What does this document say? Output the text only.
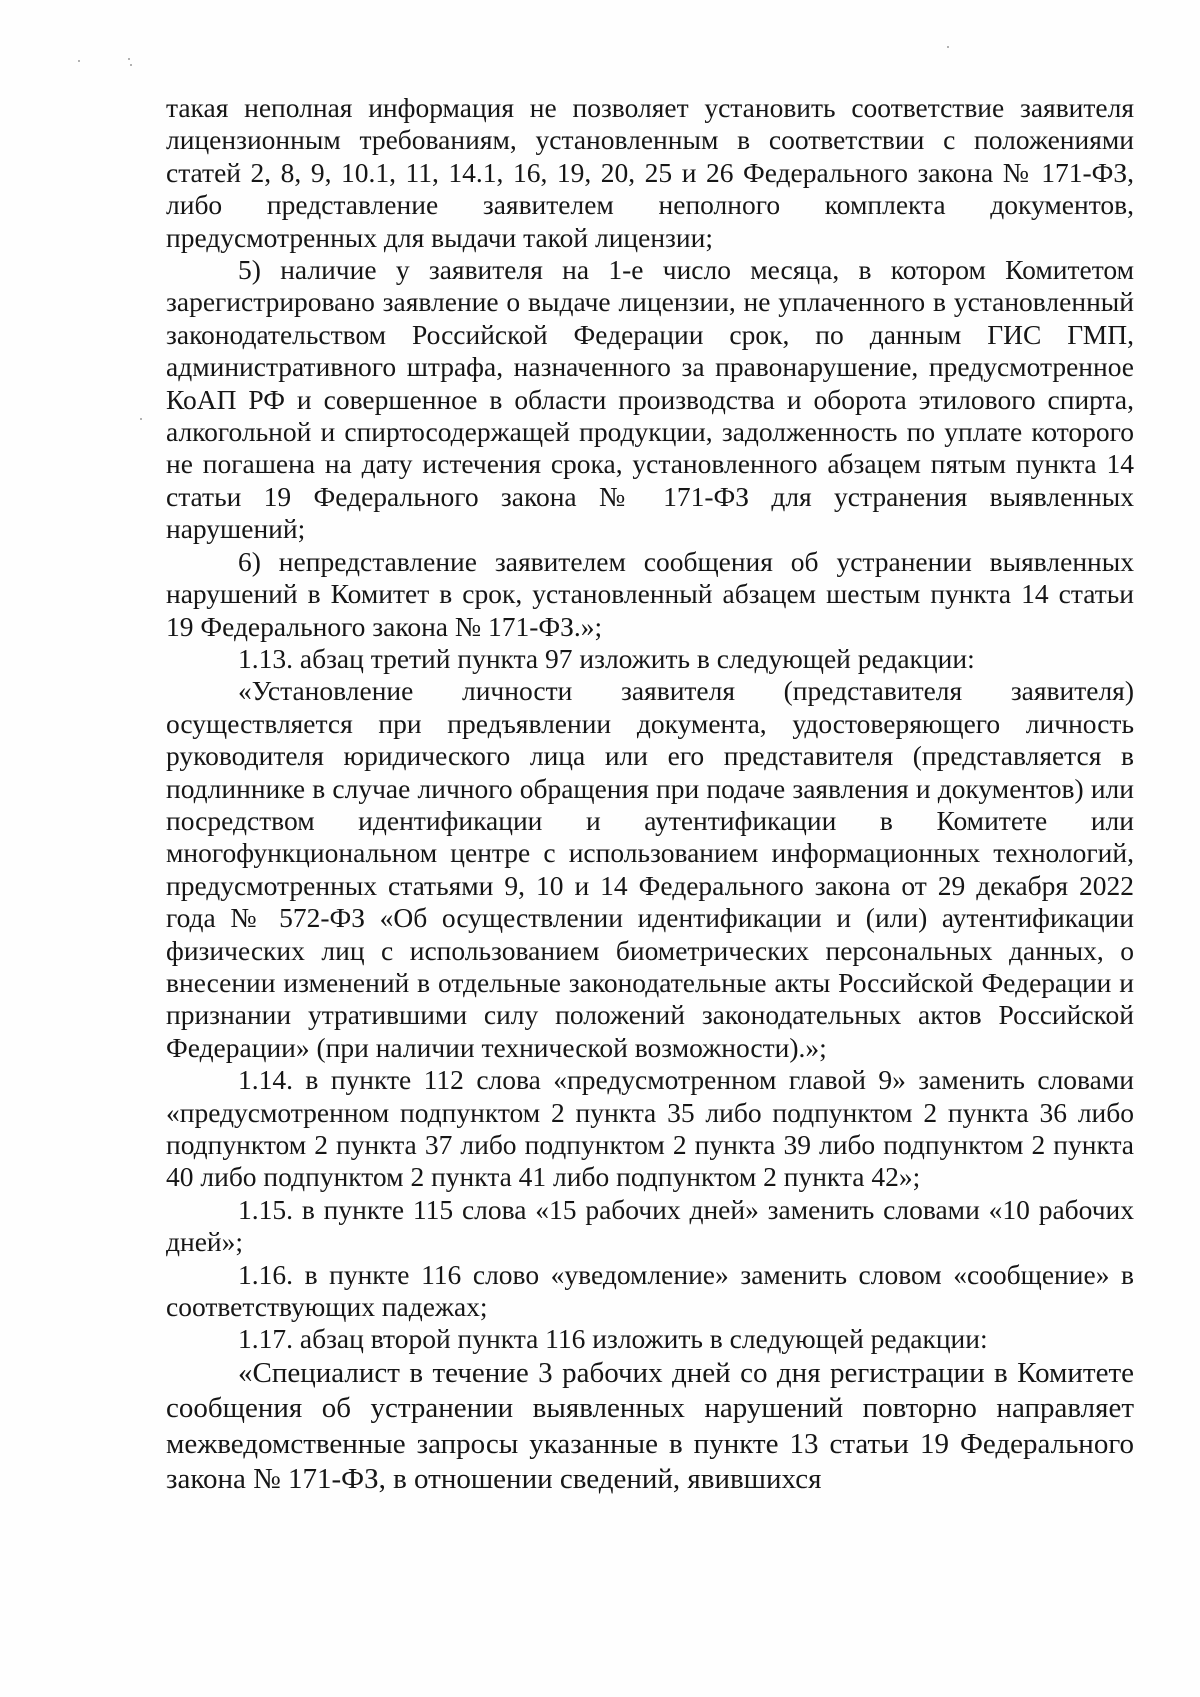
такая неполная информация не позволяет установить соответствие заявителя лицензионным требованиям, установленным в соответствии с положениями статей 2, 8, 9, 10.1, 11, 14.1, 16, 19, 20, 25 и 26 Федерального закона № 171-ФЗ, либо представление заявителем неполного комплекта документов, предусмотренных для выдачи такой лицензии;

5) наличие у заявителя на 1-е число месяца, в котором Комитетом зарегистрировано заявление о выдаче лицензии, не уплаченного в установленный законодательством Российской Федерации срок, по данным ГИС ГМП, административного штрафа, назначенного за правонарушение, предусмотренное КоАП РФ и совершенное в области производства и оборота этилового спирта, алкогольной и спиртосодержащей продукции, задолженность по уплате которого не погашена на дату истечения срока, установленного абзацем пятым пункта 14 статьи 19 Федерального закона № 171-ФЗ для устранения выявленных нарушений;

6) непредставление заявителем сообщения об устранении выявленных нарушений в Комитет в срок, установленный абзацем шестым пункта 14 статьи 19 Федерального закона № 171-ФЗ.»;

1.13. абзац третий пункта 97 изложить в следующей редакции:

«Установление личности заявителя (представителя заявителя) осуществляется при предъявлении документа, удостоверяющего личность руководителя юридического лица или его представителя (представляется в подлиннике в случае личного обращения при подаче заявления и документов) или посредством идентификации и аутентификации в Комитете или многофункциональном центре с использованием информационных технологий, предусмотренных статьями 9, 10 и 14 Федерального закона от 29 декабря 2022 года № 572-ФЗ «Об осуществлении идентификации и (или) аутентификации физических лиц с использованием биометрических персональных данных, о внесении изменений в отдельные законодательные акты Российской Федерации и признании утратившими силу положений законодательных актов Российской Федерации» (при наличии технической возможности).»;

1.14. в пункте 112 слова «предусмотренном главой 9» заменить словами «предусмотренном подпунктом 2 пункта 35 либо подпунктом 2 пункта 36 либо подпунктом 2 пункта 37 либо подпунктом 2 пункта 39 либо подпунктом 2 пункта 40 либо подпунктом 2 пункта 41 либо подпунктом 2 пункта 42»;

1.15. в пункте 115 слова «15 рабочих дней» заменить словами «10 рабочих дней»;

1.16. в пункте 116 слово «уведомление» заменить словом «сообщение» в соответствующих падежах;

1.17. абзац второй пункта 116 изложить в следующей редакции:

«Специалист в течение 3 рабочих дней со дня регистрации в Комитете сообщения об устранении выявленных нарушений повторно направляет межведомственные запросы указанные в пункте 13 статьи 19 Федерального закона № 171-ФЗ, в отношении сведений, явившихся
